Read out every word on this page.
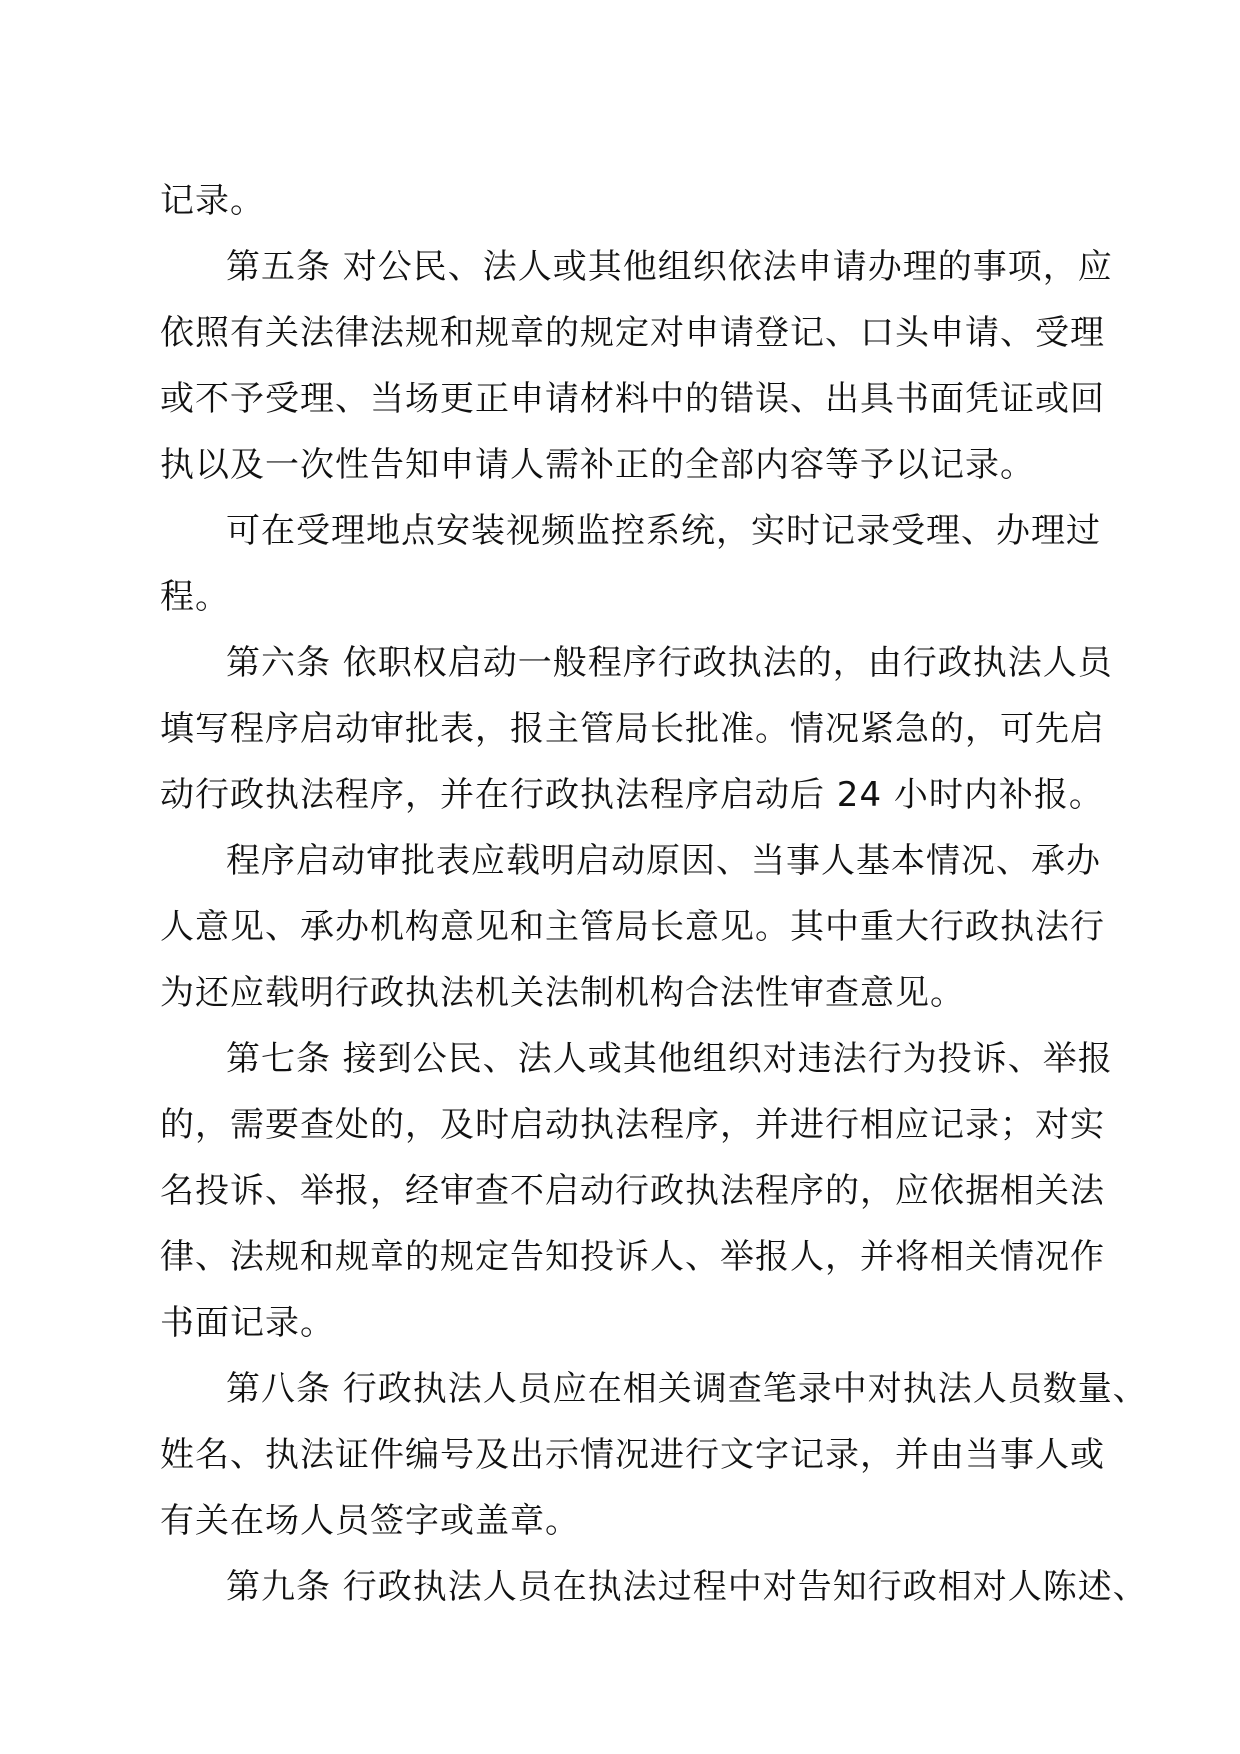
记录。
第五条 对公民、法人或其他组织依法申请办理的事项，应
依照有关法律法规和规章的规定对申请登记、口头申请、受理
或不予受理、当场更正申请材料中的错误、出具书面凭证或回
执以及一次性告知申请人需补正的全部内容等予以记录。
可在受理地点安装视频监控系统，实时记录受理、办理过
程。
第六条 依职权启动一般程序行政执法的，由行政执法人员
填写程序启动审批表，报主管局长批准。情况紧急的，可先启
动行政执法程序，并在行政执法程序启动后 24 小时内补报。
程序启动审批表应载明启动原因、当事人基本情况、承办
人意见、承办机构意见和主管局长意见。其中重大行政执法行
为还应载明行政执法机关法制机构合法性审查意见。
第七条 接到公民、法人或其他组织对违法行为投诉、举报
的，需要查处的，及时启动执法程序，并进行相应记录；对实
名投诉、举报，经审查不启动行政执法程序的，应依据相关法
律、法规和规章的规定告知投诉人、举报人，并将相关情况作
书面记录。
第八条 行政执法人员应在相关调查笔录中对执法人员数量、
姓名、执法证件编号及出示情况进行文字记录，并由当事人或
有关在场人员签字或盖章。
第九条 行政执法人员在执法过程中对告知行政相对人陈述、
